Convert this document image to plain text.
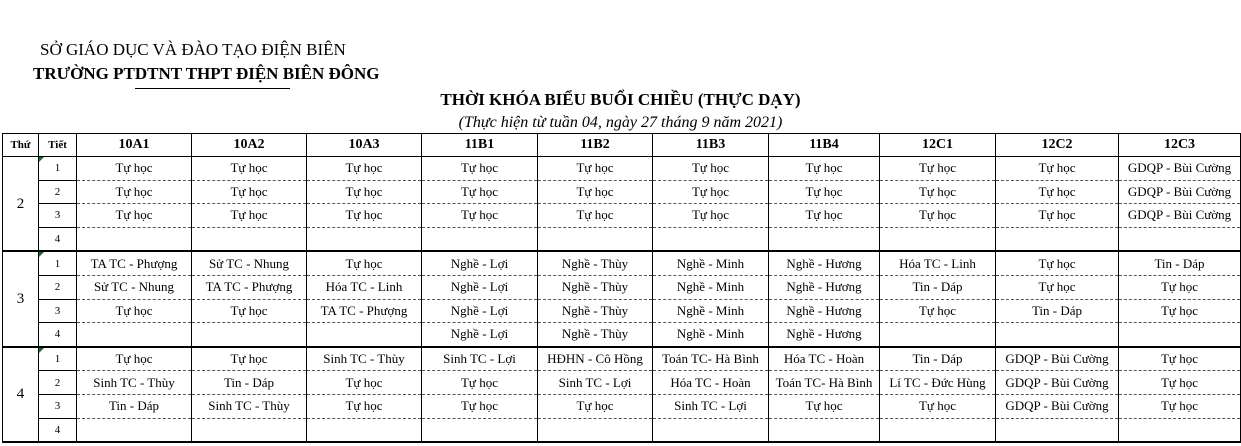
SỞ GIÁO DỤC VÀ ĐÀO TẠO ĐIỆN BIÊN
TRƯỜNG PTDTNT THPT ĐIỆN BIÊN ĐÔNG
THỜI KHÓA BIỂU BUỔI CHIỀU (THỰC DẠY)
(Thực hiện từ tuần 04, ngày 27 tháng 9 năm 2021)
Thứ	Tiết	10A1	10A2	10A3	11B1	11B2	11B3	11B4	12C1	12C2	12C3
2	1	Tự học	Tự học	Tự học	Tự học	Tự học	Tự học	Tự học	Tự học	Tự học	GDQP - Bùi Cường
	2	Tự học	Tự học	Tự học	Tự học	Tự học	Tự học	Tự học	Tự học	Tự học	GDQP - Bùi Cường
	3	Tự học	Tự học	Tự học	Tự học	Tự học	Tự học	Tự học	Tự học	Tự học	GDQP - Bùi Cường
	4										
3	1	TA TC - Phượng	Sử TC - Nhung	Tự học	Nghề - Lợi	Nghề - Thùy	Nghề - Minh	Nghề - Hương	Hóa TC - Linh	Tự học	Tin - Dáp
	2	Sử TC - Nhung	TA TC - Phượng	Hóa TC - Linh	Nghề - Lợi	Nghề - Thùy	Nghề - Minh	Nghề - Hương	Tin - Dáp	Tự học	Tự học
	3	Tự học	Tự học	TA TC - Phượng	Nghề - Lợi	Nghề - Thùy	Nghề - Minh	Nghề - Hương	Tự học	Tin - Dáp	Tự học
	4				Nghề - Lợi	Nghề - Thùy	Nghề - Minh	Nghề - Hương			
4	1	Tự học	Tự học	Sinh TC - Thùy	Sinh TC - Lợi	HĐHN - Cô Hồng	Toán TC- Hà Bình	Hóa TC - Hoàn	Tin - Dáp	GDQP - Bùi Cường	Tự học
	2	Sinh TC - Thùy	Tin - Dáp	Tự học	Tự học	Sinh TC - Lợi	Hóa TC - Hoàn	Toán TC- Hà Bình	Lí TC - Đức Hùng	GDQP - Bùi Cường	Tự học
	3	Tin - Dáp	Sinh TC - Thùy	Tự học	Tự học	Tự học	Sinh TC - Lợi	Tự học	Tự học	GDQP - Bùi Cường	Tự học
	4										
